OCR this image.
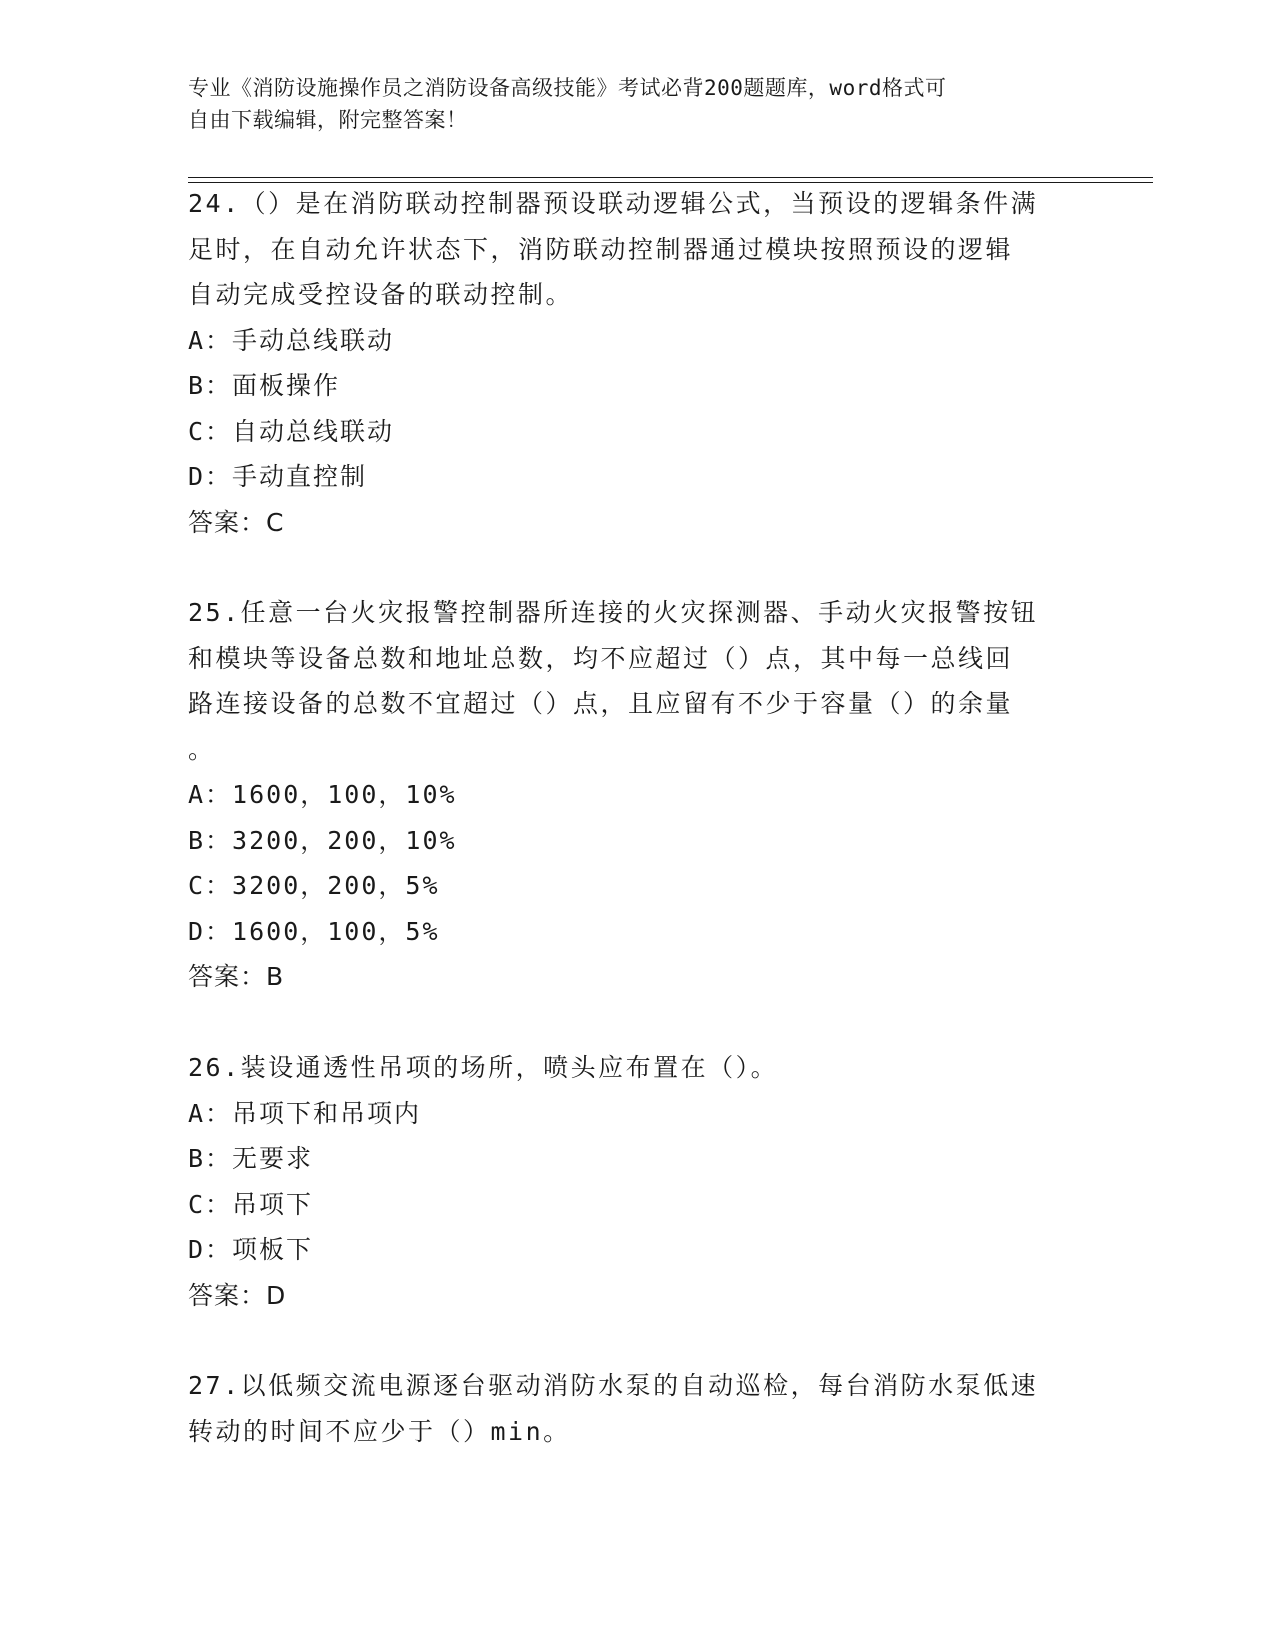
专业《消防设施操作员之消防设备高级技能》考试必背200题题库，word格式可
自由下载编辑，附完整答案！
24.（）是在消防联动控制器预设联动逻辑公式，当预设的逻辑条件满
足时，在自动允许状态下，消防联动控制器通过模块按照预设的逻辑
自动完成受控设备的联动控制。
A：手动总线联动
B：面板操作
C：自动总线联动
D：手动直控制
答案：C
25.任意一台火灾报警控制器所连接的火灾探测器、手动火灾报警按钮
和模块等设备总数和地址总数，均不应超过（）点，其中每一总线回
路连接设备的总数不宜超过（）点，且应留有不少于容量（）的余量
。
A：1600，100，10%
B：3200，200，10%
C：3200，200，5%
D：1600，100，5%
答案：B
26.装设通透性吊项的场所，喷头应布置在（）。
A：吊项下和吊项内
B：无要求
C：吊项下
D：项板下
答案：D
27.以低频交流电源逐台驱动消防水泵的自动巡检，每台消防水泵低速
转动的时间不应少于（）min。
